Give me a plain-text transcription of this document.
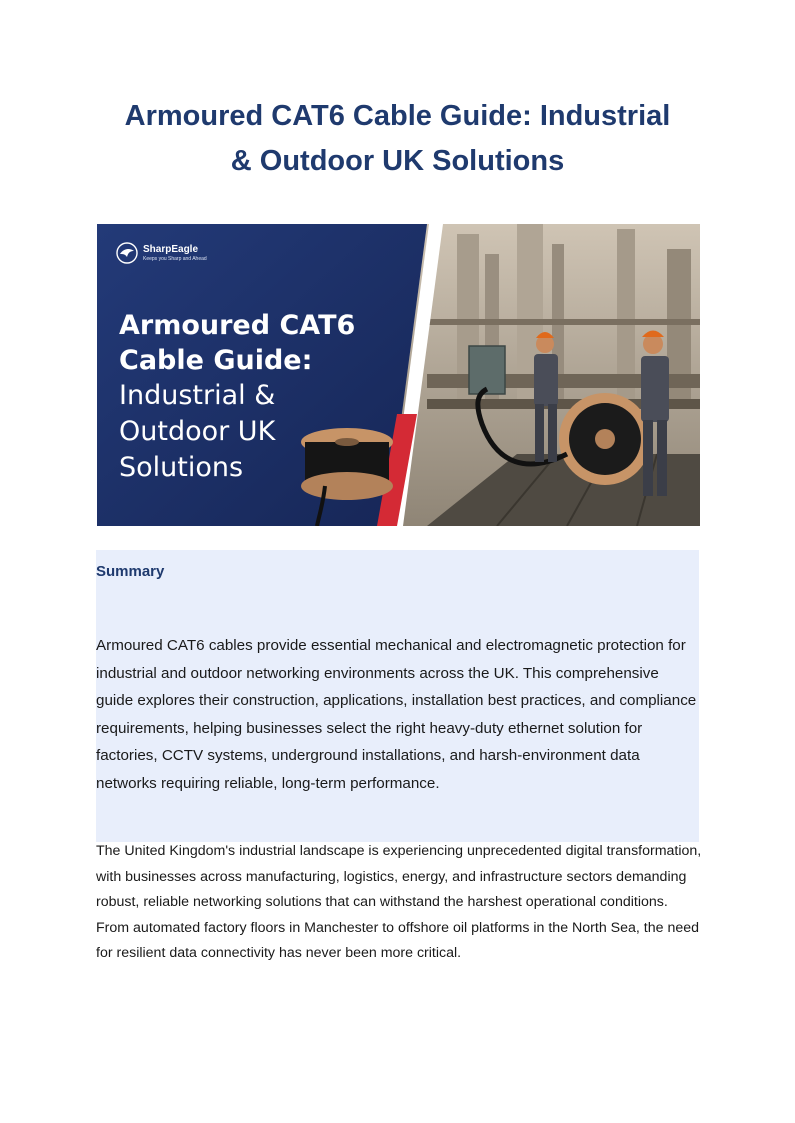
Armoured CAT6 Cable Guide: Industrial
& Outdoor UK Solutions
SharpEagle
Keeps you Sharp and Ahead
Armoured CAT6
Cable Guide:
Industrial &
Outdoor UK
Solutions
Summary

Armoured CAT6 cables provide essential mechanical and electromagnetic protection for industrial and outdoor networking environments across the UK. This comprehensive guide explores their construction, applications, installation best practices, and compliance requirements, helping businesses select the right heavy-duty ethernet solution for factories, CCTV systems, underground installations, and harsh-environment data networks requiring reliable, long-term performance.

The United Kingdom's industrial landscape is experiencing unprecedented digital transformation, with businesses across manufacturing, logistics, energy, and infrastructure sectors demanding robust, reliable networking solutions that can withstand the harshest operational conditions. From automated factory floors in Manchester to offshore oil platforms in the North Sea, the need for resilient data connectivity has never been more critical.
